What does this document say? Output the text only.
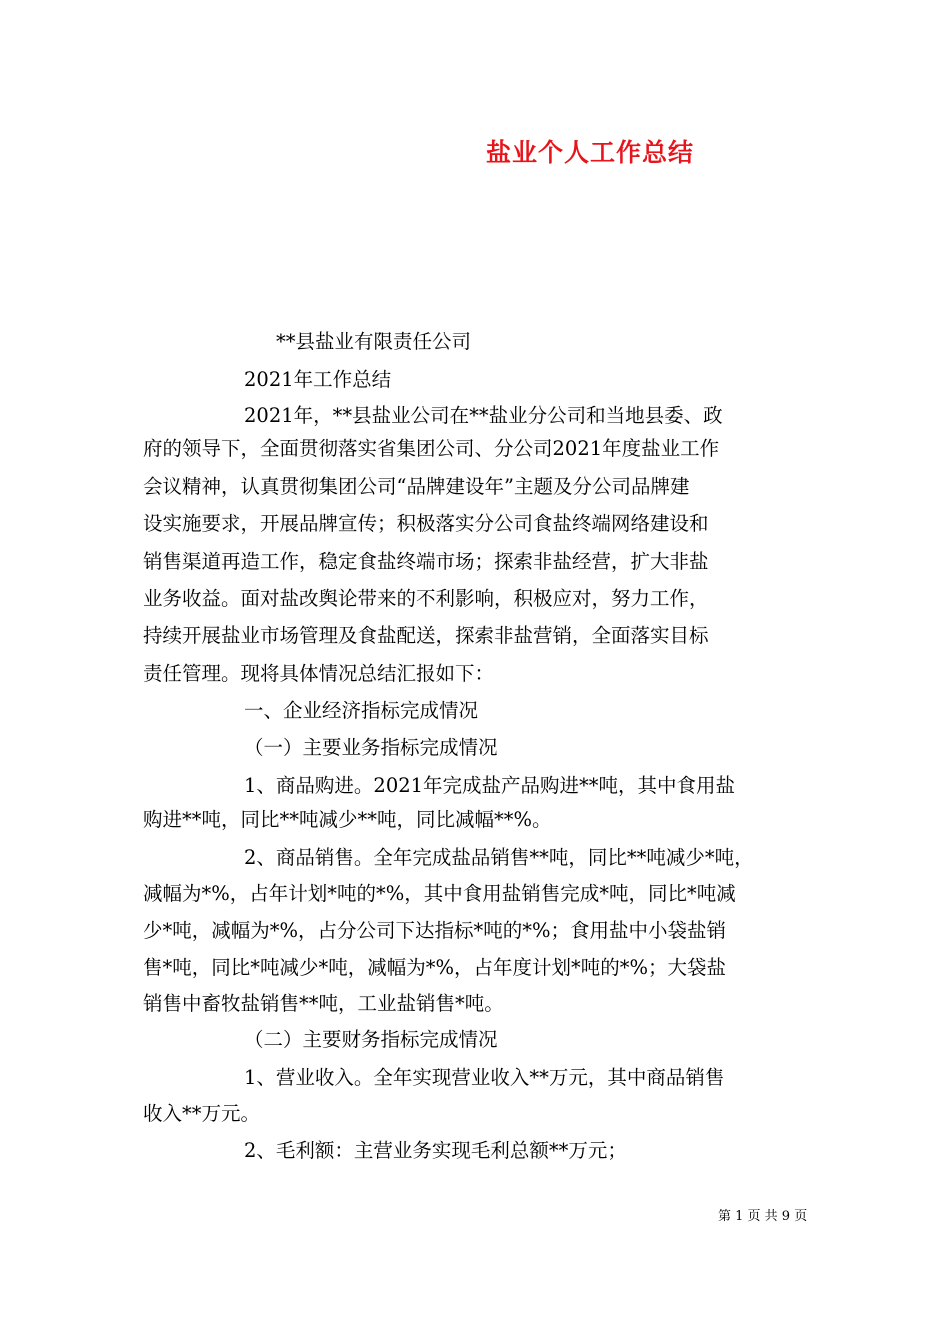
盐业个人工作总结

**县盐业有限责任公司

2021年工作总结

2021年，**县盐业公司在**盐业分公司和当地县委、政

府的领导下，全面贯彻落实省集团公司、分公司2021年度盐业工作

会议精神，认真贯彻集团公司“品牌建设年”主题及分公司品牌建

设实施要求，开展品牌宣传；积极落实分公司食盐终端网络建设和

销售渠道再造工作，稳定食盐终端市场；探索非盐经营，扩大非盐

业务收益。面对盐改舆论带来的不利影响，积极应对，努力工作，

持续开展盐业市场管理及食盐配送，探索非盐营销，全面落实目标

责任管理。现将具体情况总结汇报如下：

一、企业经济指标完成情况

（一）主要业务指标完成情况

1、商品购进。2021年完成盐产品购进**吨，其中食用盐

购进**吨，同比**吨减少**吨，同比减幅**%。

2、商品销售。全年完成盐品销售**吨，同比**吨减少*吨，

减幅为*%，占年计划*吨的*%，其中食用盐销售完成*吨，同比*吨减

少*吨，减幅为*%，占分公司下达指标*吨的*%；食用盐中小袋盐销

售*吨，同比*吨减少*吨，减幅为*%，占年度计划*吨的*%；大袋盐

销售中畜牧盐销售**吨，工业盐销售*吨。

（二）主要财务指标完成情况

1、营业收入。全年实现营业收入**万元，其中商品销售

收入**万元。

2、毛利额：主营业务实现毛利总额**万元；

第 1 页 共 9 页
